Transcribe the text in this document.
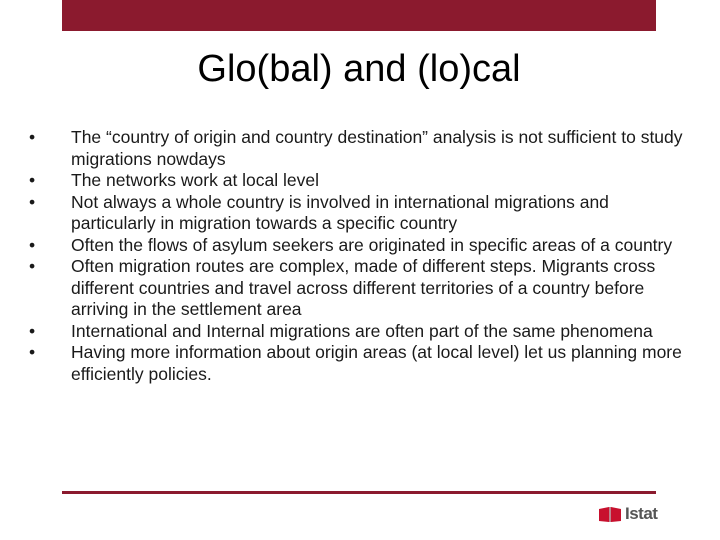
Glo(bal) and (lo)cal
• The “country of origin and country destination” analysis is not sufficient to study migrations nowdays
• The networks work at local level
• Not always a whole country is involved in international migrations and particularly in migration towards a specific country
• Often the flows of asylum seekers are originated in specific areas of a country
• Often migration routes are complex, made of different steps. Migrants cross different countries and travel across different territories of a country before arriving in the settlement area
• International and Internal migrations are often part of the same phenomena
• Having more information about origin areas (at local level) let us planning more efficiently policies.
Istat
